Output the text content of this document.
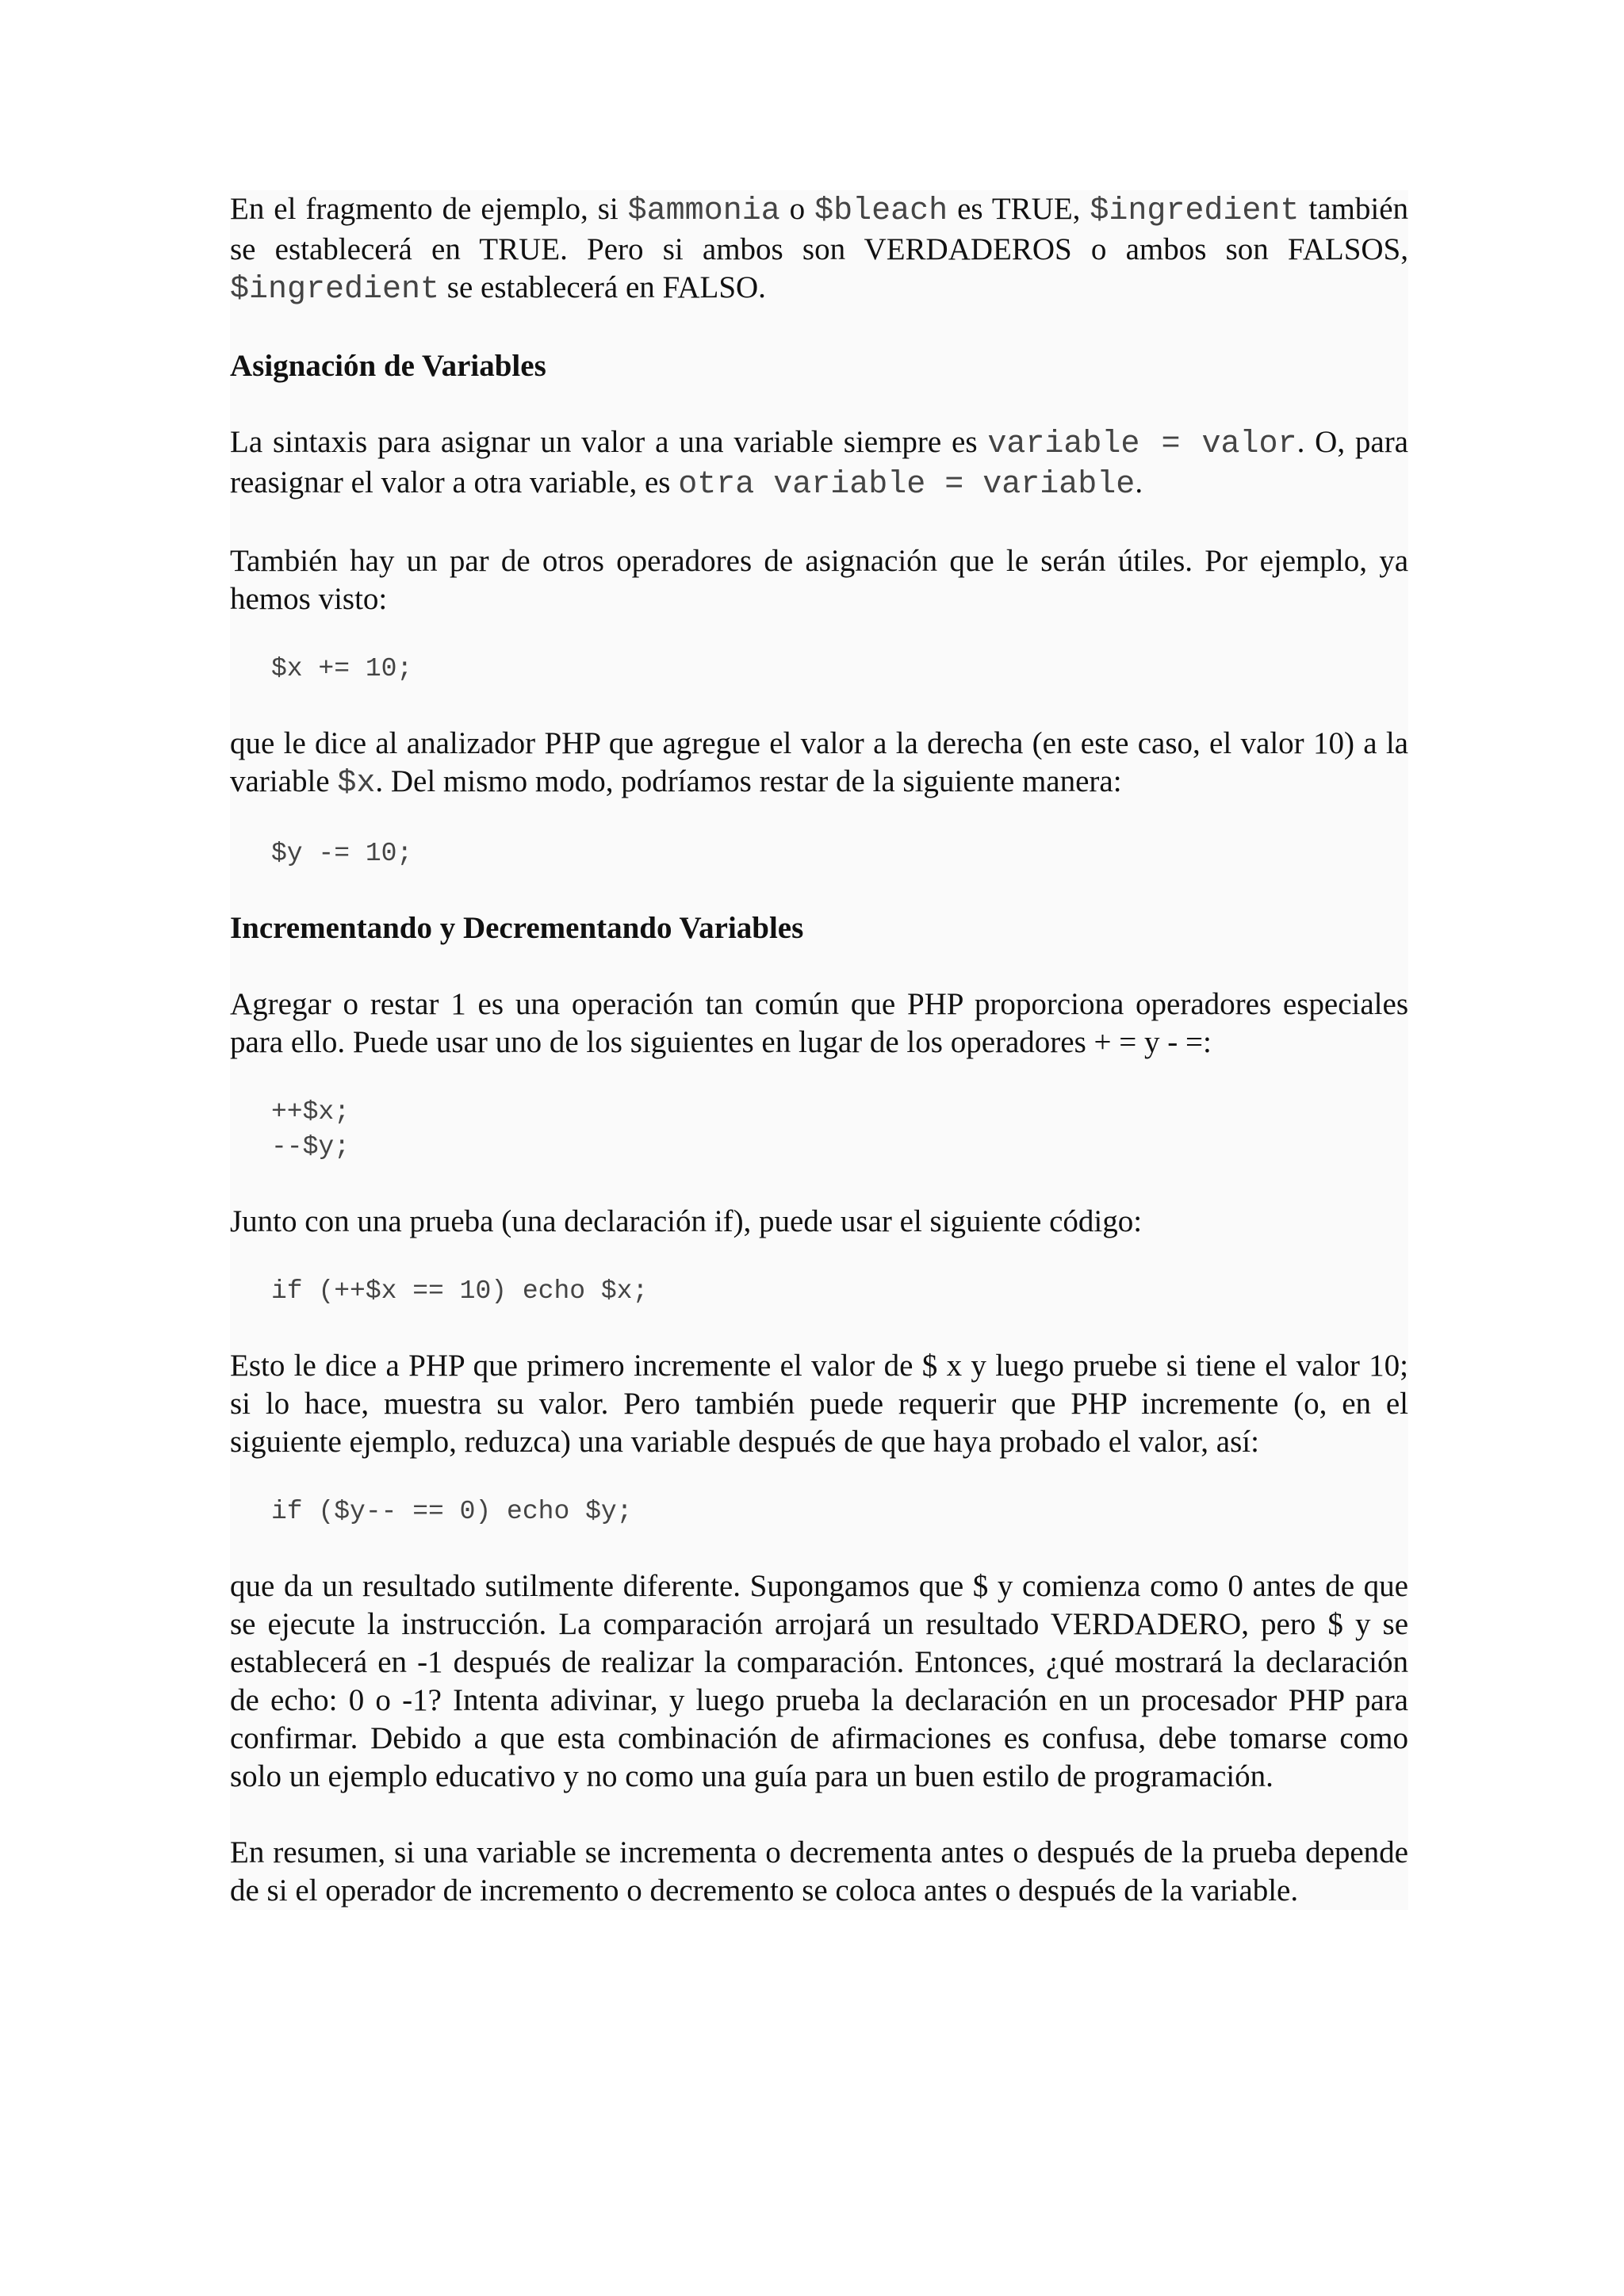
En el fragmento de ejemplo, si $ammonia o $bleach es TRUE, $ingredient también se establecerá en TRUE. Pero si ambos son VERDADEROS o ambos son FALSOS, $ingredient se establecerá en FALSO.

Asignación de Variables

La sintaxis para asignar un valor a una variable siempre es variable = valor. O, para reasignar el valor a otra variable, es otra variable = variable.

También hay un par de otros operadores de asignación que le serán útiles. Por ejemplo, ya hemos visto:

$x += 10;

que le dice al analizador PHP que agregue el valor a la derecha (en este caso, el valor 10) a la variable $x. Del mismo modo, podríamos restar de la siguiente manera:

$y -= 10;

Incrementando y Decrementando Variables

Agregar o restar 1 es una operación tan común que PHP proporciona operadores especiales para ello. Puede usar uno de los siguientes en lugar de los operadores + = y - =:

++$x;
--$y;

Junto con una prueba (una declaración if), puede usar el siguiente código:

if (++$x == 10) echo $x;

Esto le dice a PHP que primero incremente el valor de $ x y luego pruebe si tiene el valor 10; si lo hace, muestra su valor. Pero también puede requerir que PHP incremente (o, en el siguiente ejemplo, reduzca) una variable después de que haya probado el valor, así:

if ($y-- == 0) echo $y;

que da un resultado sutilmente diferente. Supongamos que $ y comienza como 0 antes de que se ejecute la instrucción. La comparación arrojará un resultado VERDADERO, pero $ y se establecerá en -1 después de realizar la comparación. Entonces, ¿qué mostrará la declaración de echo: 0 o -1? Intenta adivinar, y luego prueba la declaración en un procesador PHP para confirmar. Debido a que esta combinación de afirmaciones es confusa, debe tomarse como solo un ejemplo educativo y no como una guía para un buen estilo de programación.

En resumen, si una variable se incrementa o decrementa antes o después de la prueba depende de si el operador de incremento o decremento se coloca antes o después de la variable.
